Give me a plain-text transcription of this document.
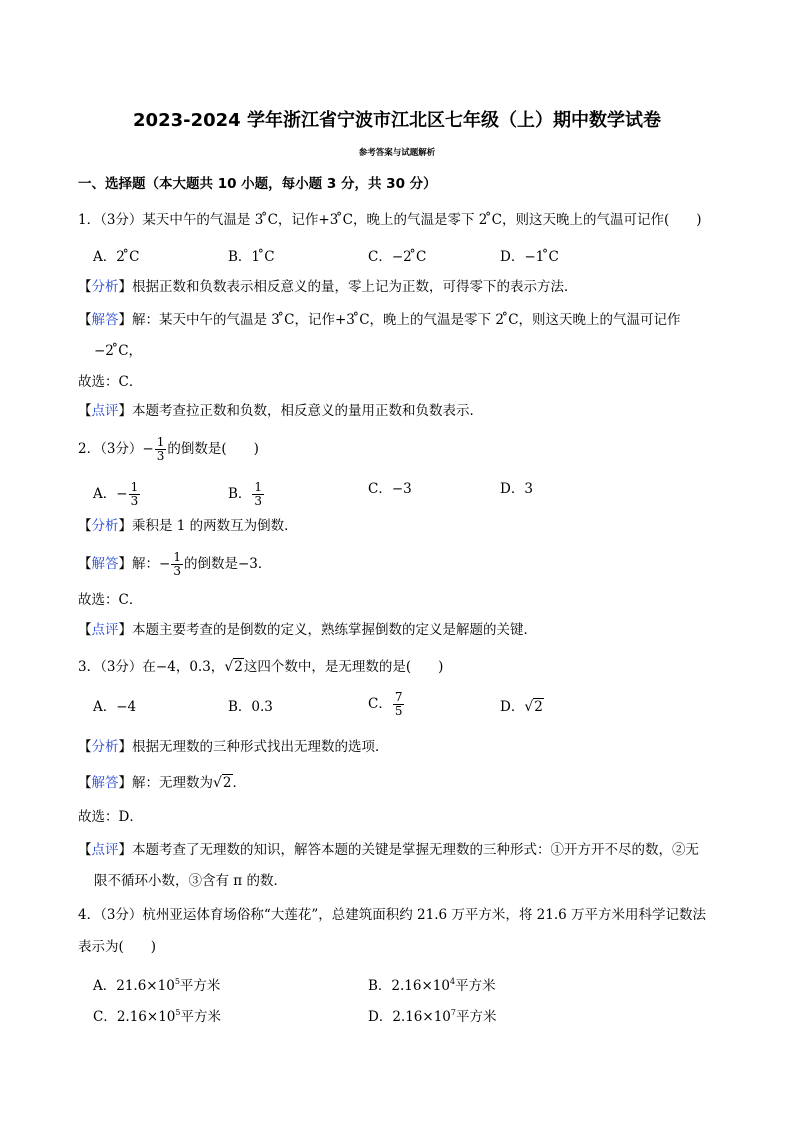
2023-2024 学年浙江省宁波市江北区七年级（上）期中数学试卷
参考答案与试题解析
一、选择题（本大题共 10 小题，每小题 3 分，共 30 分）
1．（3分）某天中午的气温是 3 ̊C，记作+3 ̊C，晚上的气温是零下 2 ̊C，则这天晚上的气温可记作(　　)
A．2 ̊C	B．1 ̊C	C．−2 ̊C	D．−1 ̊C
【分析】根据正数和负数表示相反意义的量，零上记为正数，可得零下的表示方法．
【解答】解：某天中午的气温是 3 ̊C，记作+3 ̊C，晚上的气温是零下 2 ̊C，则这天晚上的气温可记作
−2 ̊C，
故选：C．
【点评】本题考查拉正数和负数，相反意义的量用正数和负数表示．
2．（3分）− $\frac{1}{3}$ 的倒数是(　　)
A．− $\frac{1}{3}$	B． $\frac{1}{3}$	C．−3	D．3
【分析】乘积是 1 的两数互为倒数．
【解答】解：− $\frac{1}{3}$ 的倒数是−3．
故选：C．
【点评】本题主要考查的是倒数的定义，熟练掌握倒数的定义是解题的关键．
3．（3分）在−4，0.3，√2这四个数中，是无理数的是(　　)
A．−4	B．0.3	C． $\frac{7}{5}$	D．√2
【分析】根据无理数的三种形式找出无理数的选项．
【解答】解：无理数为√2．
故选：D．
【点评】本题考查了无理数的知识，解答本题的关键是掌握无理数的三种形式：①开方开不尽的数，②无
限不循环小数，③含有 π 的数．
4．（3分）杭州亚运体育场俗称“大莲花”，总建筑面积约 21.6 万平方米，将 21.6 万平方米用科学记数法
表示为(　　)
A．$21.6\times 10^5$平方米	B．$2.16\times 10^4$平方米
C．$2.16\times 10^5$平方米	D．$2.16\times 10^7$平方米
